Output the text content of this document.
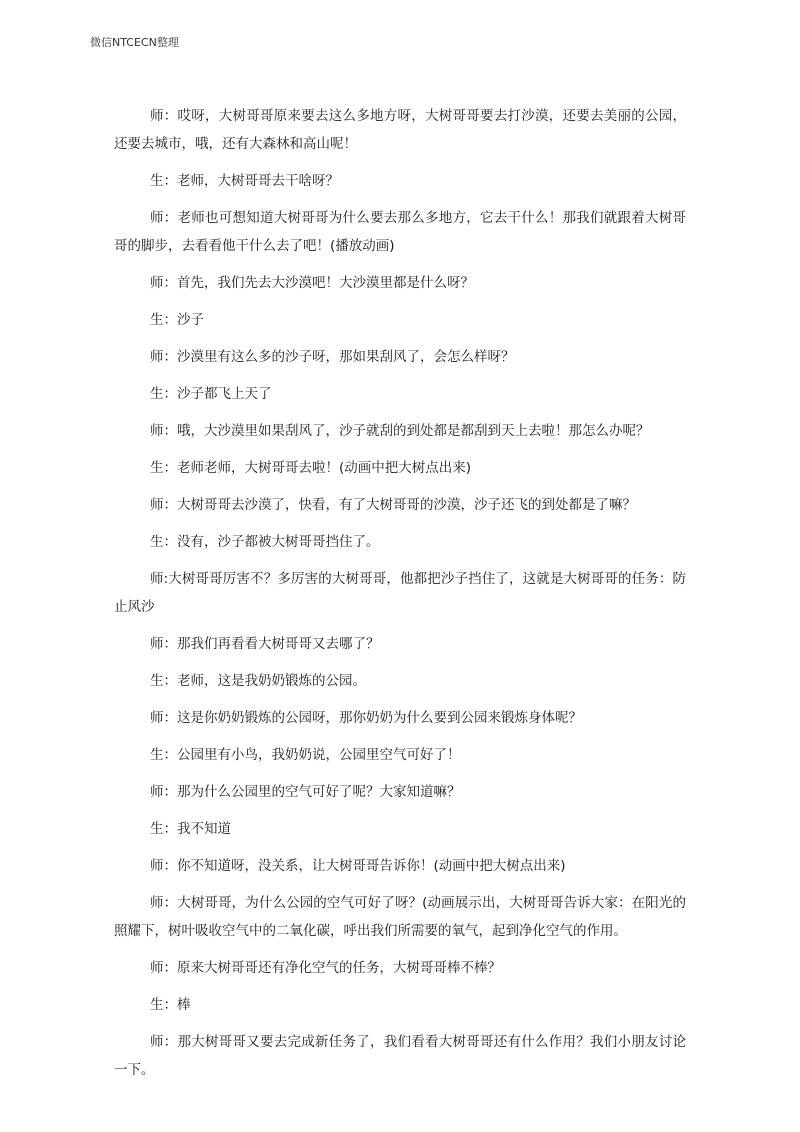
微信NTCECN整理

师：哎呀，大树哥哥原来要去这么多地方呀，大树哥哥要去打沙漠，还要去美丽的公园，还要去城市，哦，还有大森林和高山呢！

生：老师，大树哥哥去干啥呀？

师：老师也可想知道大树哥哥为什么要去那么多地方，它去干什么！那我们就跟着大树哥哥的脚步，去看看他干什么去了吧！(播放动画)

师：首先，我们先去大沙漠吧！大沙漠里都是什么呀？

生：沙子

师：沙漠里有这么多的沙子呀，那如果刮风了，会怎么样呀？

生：沙子都飞上天了

师：哦，大沙漠里如果刮风了，沙子就刮的到处都是都刮到天上去啦！那怎么办呢？

生：老师老师，大树哥哥去啦！(动画中把大树点出来)

师：大树哥哥去沙漠了，快看，有了大树哥哥的沙漠，沙子还飞的到处都是了嘛？

生：没有，沙子都被大树哥哥挡住了。

师:大树哥哥厉害不？多厉害的大树哥哥，他都把沙子挡住了，这就是大树哥哥的任务：防止风沙

师：那我们再看看大树哥哥又去哪了？

生：老师，这是我奶奶锻炼的公园。

师：这是你奶奶锻炼的公园呀，那你奶奶为什么要到公园来锻炼身体呢？

生：公园里有小鸟，我奶奶说，公园里空气可好了！

师：那为什么公园里的空气可好了呢？大家知道嘛？

生：我不知道

师：你不知道呀，没关系，让大树哥哥告诉你！(动画中把大树点出来)

师：大树哥哥，为什么公园的空气可好了呀？(动画展示出，大树哥哥告诉大家：在阳光的照耀下，树叶吸收空气中的二氧化碳，呼出我们所需要的氧气，起到净化空气的作用。

师：原来大树哥哥还有净化空气的任务，大树哥哥棒不棒？

生：棒

师：那大树哥哥又要去完成新任务了，我们看看大树哥哥还有什么作用？我们小朋友讨论一下。
